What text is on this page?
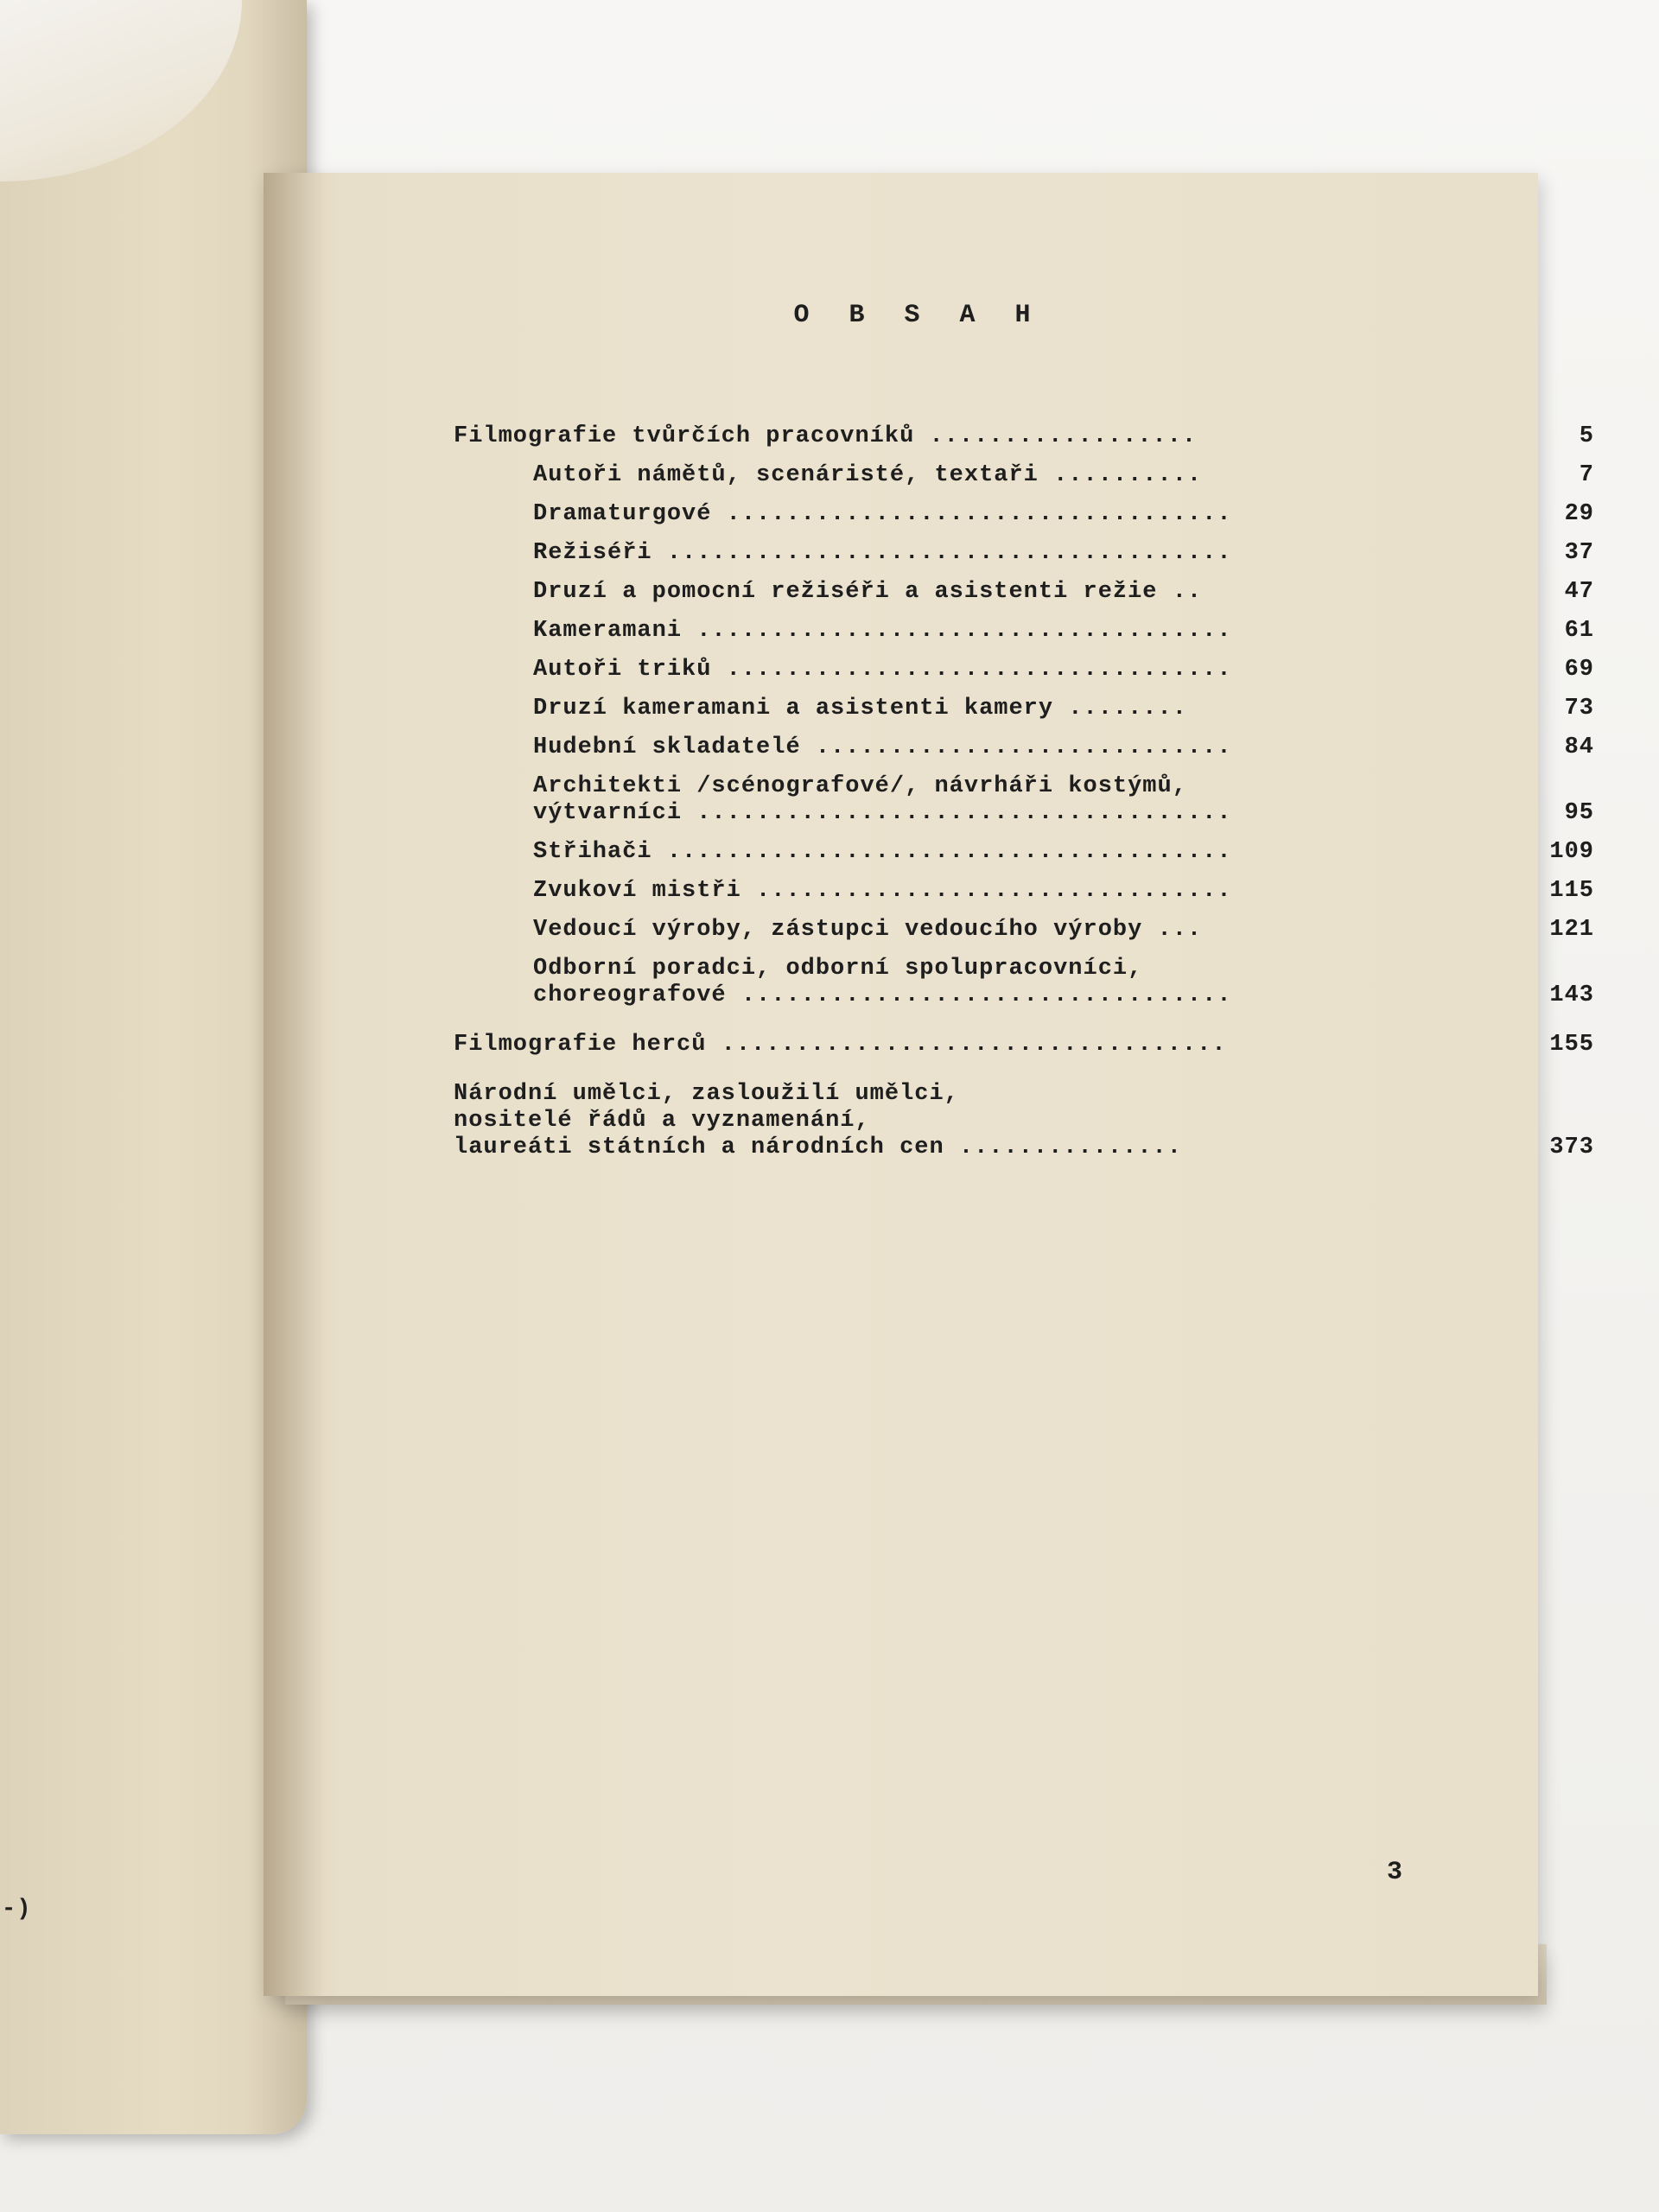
-)
O B S A H
Filmografie tvůrčích pracovníků ..................	5
Autoři námětů, scenáristé, textaři ..........	7
Dramaturgové ..................................	29
Režiséři ......................................	37
Druzí a pomocní režiséři a asistenti režie ..	47
Kameramani ....................................	61
Autoři triků ..................................	69
Druzí kameramani a asistenti kamery ........	73
Hudební skladatelé ............................	84
Architekti /scénografové/, návrháři kostýmů,
výtvarníci ....................................	95
Střihači ......................................	109
Zvukoví mistři ................................	115
Vedoucí výroby, zástupci vedoucího výroby ...	121
Odborní poradci, odborní spolupracovníci,
choreografové .................................	143
Filmografie herců ..................................	155
Národní umělci, zasloužilí umělci,
nositelé řádů a vyznamenání,
laureáti státních a národních cen ...............	373
3
